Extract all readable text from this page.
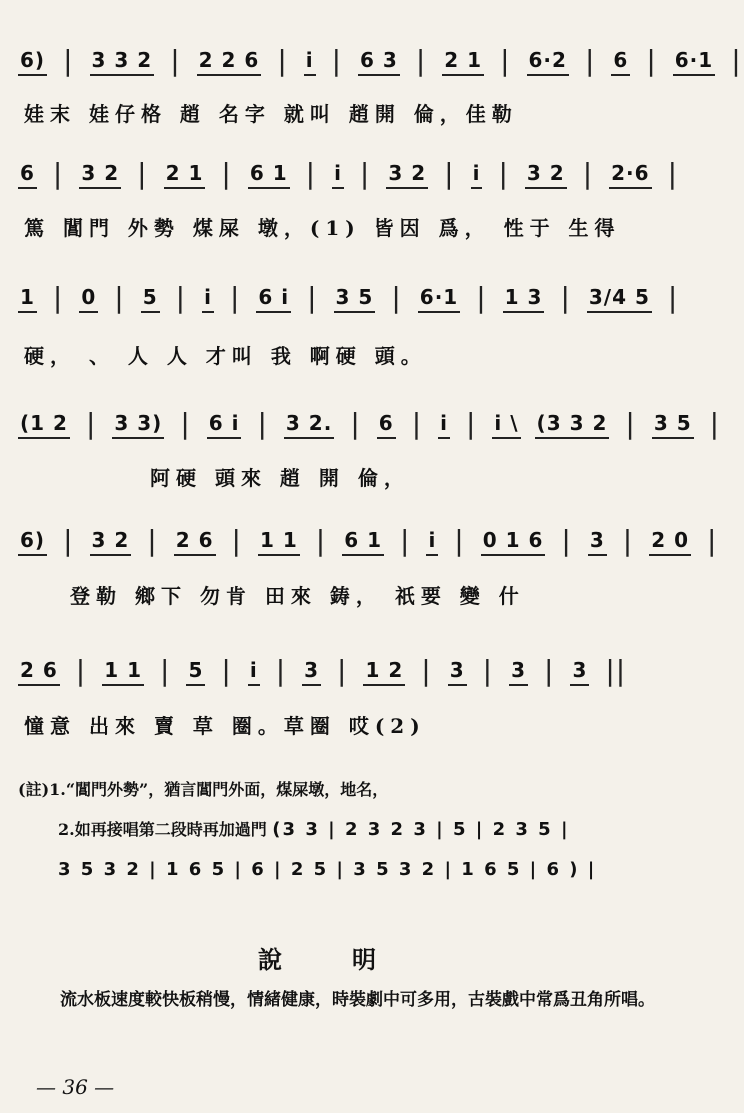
6) | 3 3 2 | 2 2 6 | i | 6 3 | 2 1 | 6·2 | 6 | 6·1 |
娃末 娃仔格 趙 名字 就叫 趙開 倫，佳勒
6 | 3 2 | 2 1 | 6 1 | i | 3 2 | i | 3 2 | 2·6 |
篤 閶門 外勢 煤屎 墩，(1) 皆因 爲， 性于 生得
1 | 0 | 5 | i | 6 i | 3 5 | 6·1 | 1 3 | 3/4 5 |
硬， 、 人 人 才叫 我 啊硬 頭。
(1 2 | 3 3) | 6 i | 3 2. | 6 | i | i \ (3 3 2 | 3 5 |
阿硬 頭來 趙 開 倫，
6) | 3 2 | 2 6 | 1 1 | 6 1 | i | 0 1 6 | 3 | 2 0 |
登勒 鄉下 勿肯 田來 鋳， 祇要 變 什
2 6 | 1 1 | 5 | i | 3 | 1 2 | 3 | 3 | 3 ||
憧意 出來 賣 草 圈。草圈 哎(2)
(註)1.“閶門外勢”，猶言閶門外面，煤屎墩，地名，
2.如再接唱第二段時再加過門 (3 3 | 2 3 2 3 | 5 | 2 3 5 |
3 5 3 2 | 1 6 5 | 6 | 2 5 | 3 5 3 2 | 1 6 5 | 6 ) |
說明
流水板速度較快板稍慢，情緒健康，時裝劇中可多用，古裝戲中常爲丑角所唱。
— 36 —
